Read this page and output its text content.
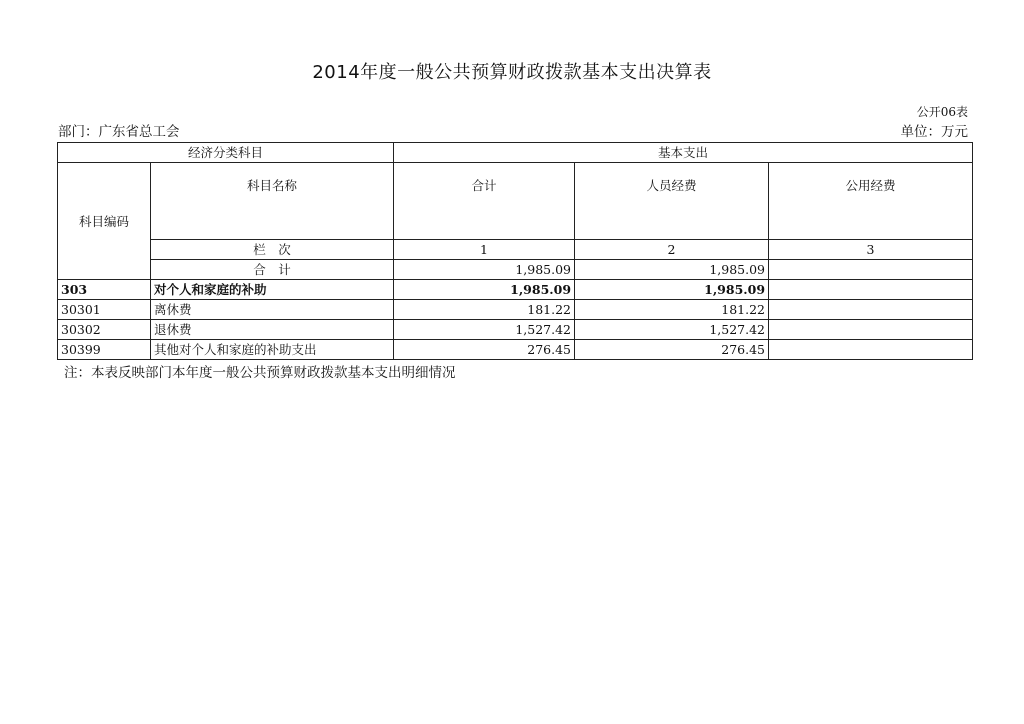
2014年度一般公共预算财政拨款基本支出决算表
公开06表
部门：广东省总工会	单位：万元
经济分类科目		基本支出		
科目编码	科目名称	合计	人员经费	公用经费
	栏　次	1	2	3
	合　计	1,985.09	1,985.09	
303	对个人和家庭的补助	1,985.09	1,985.09	
30301	离休费	181.22	181.22	
30302	退休费	1,527.42	1,527.42	
30399	其他对个人和家庭的补助支出	276.45	276.45	
注：本表反映部门本年度一般公共预算财政拨款基本支出明细情况
